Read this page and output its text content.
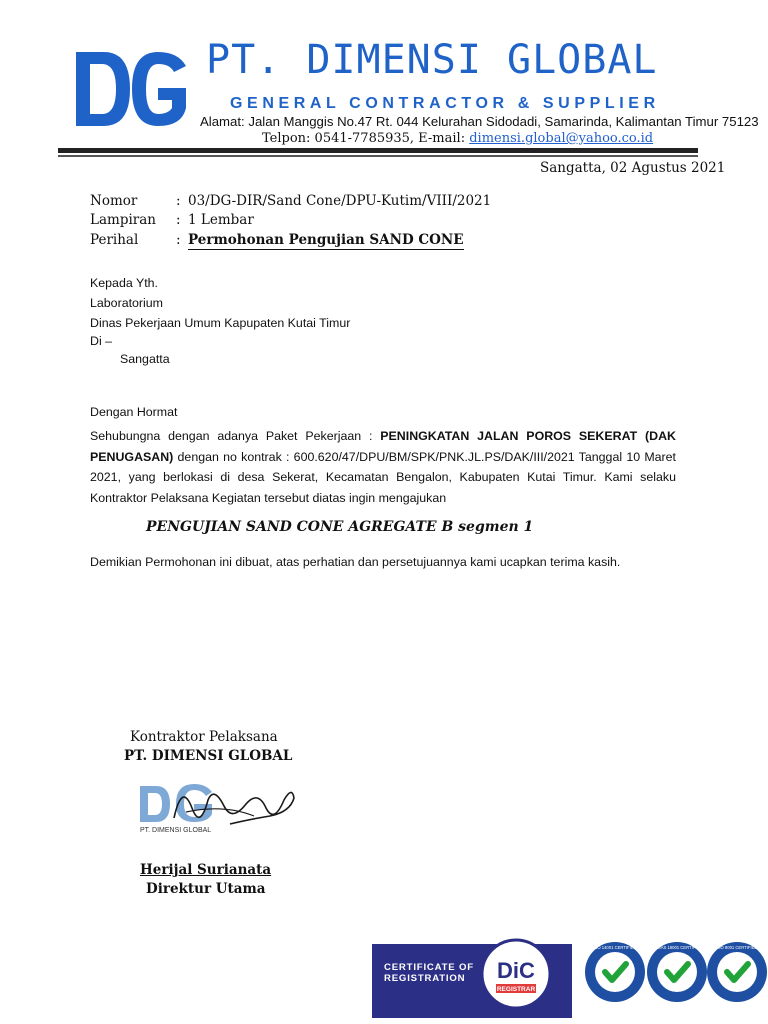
PT. DIMENSI GLOBAL
GENERAL CONTRACTOR & SUPPLIER
Alamat: Jalan Manggis No.47 Rt. 044 Kelurahan Sidodadi, Samarinda, Kalimantan Timur 75123
Telpon: 0541-7785935, E-mail: dimensi.global@yahoo.co.id
Sangatta, 02 Agustus 2021
Nomor	: 03/DG-DIR/Sand Cone/DPU-Kutim/VIII/2021
Lampiran : 1 Lembar
Perihal	: Permohonan Pengujian SAND CONE
Kepada Yth.
Laboratorium
Dinas Pekerjaan Umum Kapupaten Kutai Timur
Di –
Sangatta
Dengan Hormat
Sehubungna dengan adanya Paket Pekerjaan : PENINGKATAN JALAN POROS SEKERAT (DAK PENUGASAN) dengan no kontrak : 600.620/47/DPU/BM/SPK/PNK.JL.PS/DAK/III/2021 Tanggal 10 Maret 2021, yang berlokasi di desa Sekerat, Kecamatan Bengalon, Kabupaten Kutai Timur. Kami selaku Kontraktor Pelaksana Kegiatan tersebut diatas ingin mengajukan
PENGUJIAN SAND CONE AGREGATE B segmen 1
Demikian Permohonan ini dibuat, atas perhatian dan persetujuannya kami ucapkan terima kasih.
Kontraktor Pelaksana
PT. DIMENSI GLOBAL
PT. DIMENSI GLOBAL
Herijal Surianata
Direktur Utama
CERTIFICATE OF
REGISTRATION	DiC
REGISTRAR
ISO 14001 CERTIFIED	OHSAS 18001 CERTIFIED	ISO 9001 CERTIFIED
